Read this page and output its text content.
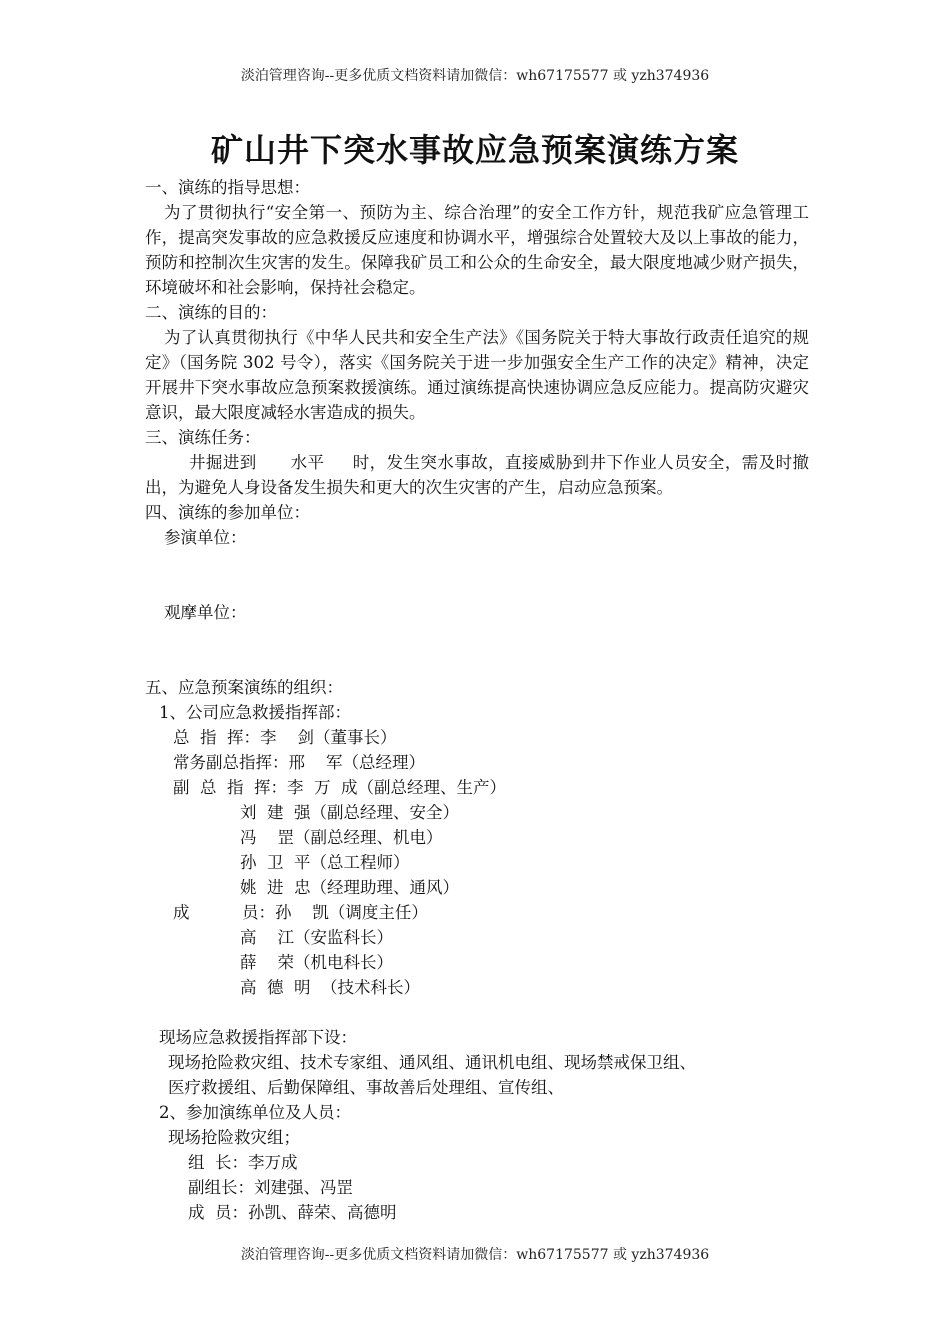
淡泊管理咨询--更多优质文档资料请加微信：wh67175577 或 yzh374936
矿山井下突水事故应急预案演练方案

一、演练的指导思想：

为了贯彻执行“安全第一、预防为主、综合治理”的安全工作方针，规范我矿应急管理工作，提高突发事故的应急救援反应速度和协调水平，增强综合处置较大及以上事故的能力，预防和控制次生灾害的发生。保障我矿员工和公众的生命安全，最大限度地减少财产损失，环境破坏和社会影响，保持社会稳定。

二、演练的目的：

为了认真贯彻执行《中华人民共和安全生产法》《国务院关于特大事故行政责任追究的规定》（国务院 302 号令），落实《国务院关于进一步加强安全生产工作的决定》精神，决定开展井下突水事故应急预案救援演练。通过演练提高快速协调应急反应能力。提高防灾避灾意识，最大限度减轻水害造成的损失。

三、演练任务：

井掘进到      水平     时，发生突水事故，直接威胁到井下作业人员安全，需及时撤出，为避免人身设备发生损失和更大的次生灾害的产生，启动应急预案。

四、演练的参加单位：

参演单位：

观摩单位：

五、应急预案演练的组织：

1、公司应急救援指挥部：

总  指  挥：李    剑（董事长）

常务副总指挥：邢    军（总经理）

副  总  指  挥：李  万  成（副总经理、生产）

刘  建  强（副总经理、安全）

冯    罡（副总经理、机电）

孙  卫  平（总工程师）

姚  进  忠（经理助理、通风）

成          员：孙    凯（调度主任）

高    江（安监科长）

薛    荣（机电科长）

高  德  明  （技术科长）

现场应急救援指挥部下设：

现场抢险救灾组、技术专家组、通风组、通讯机电组、现场禁戒保卫组、

医疗救援组、后勤保障组、事故善后处理组、宣传组、

2、参加演练单位及人员：

现场抢险救灾组；

组  长：李万成

副组长：刘建强、冯罡

成  员：孙凯、薛荣、高德明

淡泊管理咨询--更多优质文档资料请加微信：wh67175577 或 yzh374936
